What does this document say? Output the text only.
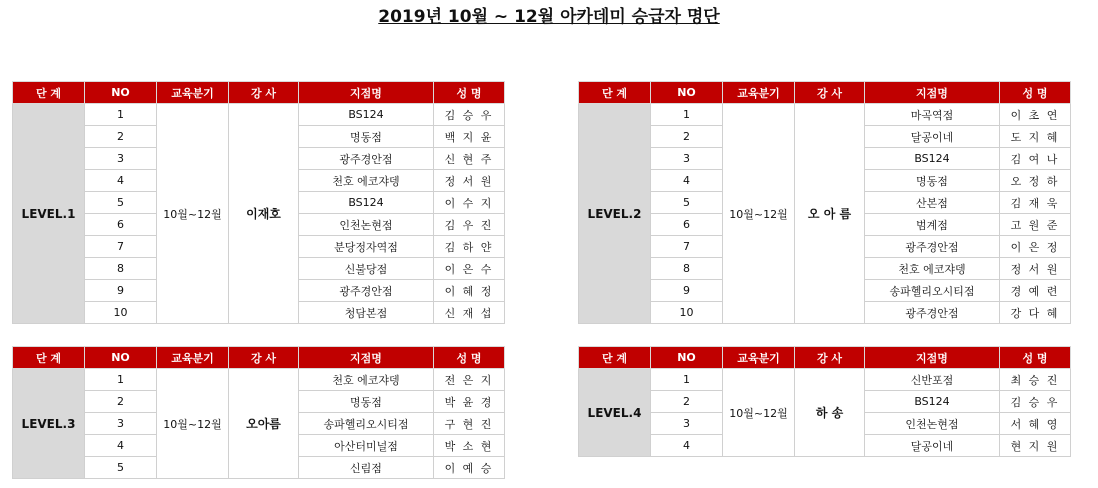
2019년 10월 ~ 12월 아카데미 승급자 명단
단 계	NO	교육분기	강 사	지점명	성 명
LEVEL.1	1	10월~12월	이재호	BS124	김 승 우
	2			명동점	백 지 윤
	3			광주경안점	신 현 주
	4			천호 에코쟈뎅	정 서 원
	5			BS124	이 수 지
	6			인천논현점	김 우 진
	7			분당정자역점	김 하 얀
	8			신불당점	이 은 수
	9			광주경안점	이 혜 정
	10			청담본점	신 재 섭
단 계	NO	교육분기	강 사	지점명	성 명
LEVEL.2	1	10월~12월	오 아 름	마곡역점	이 초 연
	2			달공이네	도 지 혜
	3			BS124	김 여 나
	4			명동점	오 정 하
	5			산본점	김 재 욱
	6			범계점	고 원 준
	7			광주경안점	이 은 정
	8			천호 에코쟈뎅	정 서 원
	9			송파헬리오시티점	경 예 련
	10			광주경안점	강 다 혜
단 계	NO	교육분기	강 사	지점명	성 명
LEVEL.3	1	10월~12월	오아름	천호 에코쟈뎅	전 은 지
	2			명동점	박 윤 경
	3			송파헬리오시티점	구 현 진
	4			아산터미널점	박 소 현
	5			신림점	이 예 승
단 계	NO	교육분기	강 사	지점명	성 명
LEVEL.4	1	10월~12월	하 송	신반포점	최 승 진
	2			BS124	김 승 우
	3			인천논현점	서 혜 영
	4			달공이네	현 지 원
